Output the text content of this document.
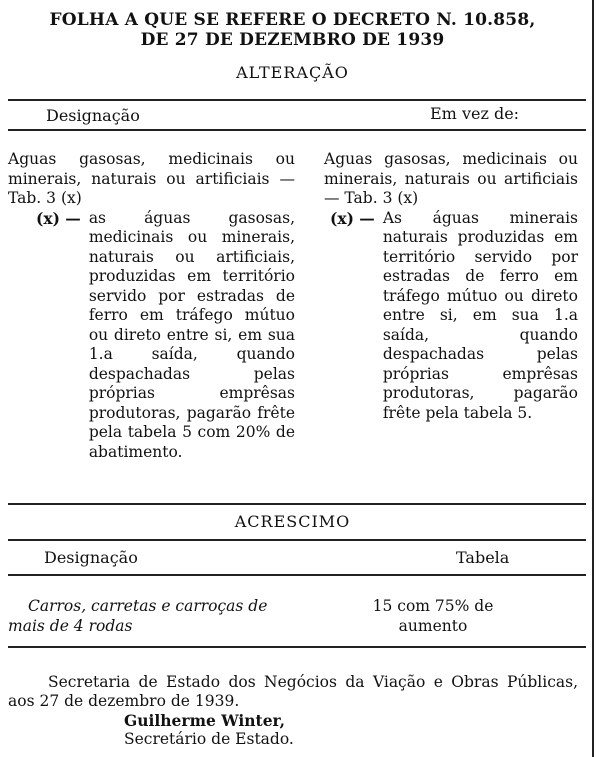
FOLHA A QUE SE REFERE O DECRETO N. 10.858,
DE 27 DE DEZEMBRO DE 1939
ALTERAÇÃO
Designação	Em vez de:

Aguas gasosas, medicinais ou minerais, naturais ou artificiais — Tab. 3 (x)

(x) — as águas gasosas, medicinais ou minerais, naturais ou artificiais, produzidas em território servido por estradas de ferro em tráfego mútuo ou direto entre si, em sua 1.a saída, quando despachadas pelas próprias emprêsas produtoras, pagarão frête pela tabela 5 com 20% de abatimento.

Aguas gasosas, medicinais ou minerais, naturais ou artificiais — Tab. 3 (x)

(x) — As águas minerais naturais produzidas em território servido por estradas de ferro em tráfego mútuo ou direto entre si, em sua 1.a saída, quando despachadas pelas próprias emprêsas produtoras, pagarão frête pela tabela 5.

ACRESCIMO
Designação	Tabela
Carros, carretas e carroças de mais de 4 rodas
15 com 75% de aumento
Secretaria de Estado dos Negócios da Viação e Obras Públicas, aos 27 de dezembro de 1939.
Guilherme Winter,
Secretário de Estado.
